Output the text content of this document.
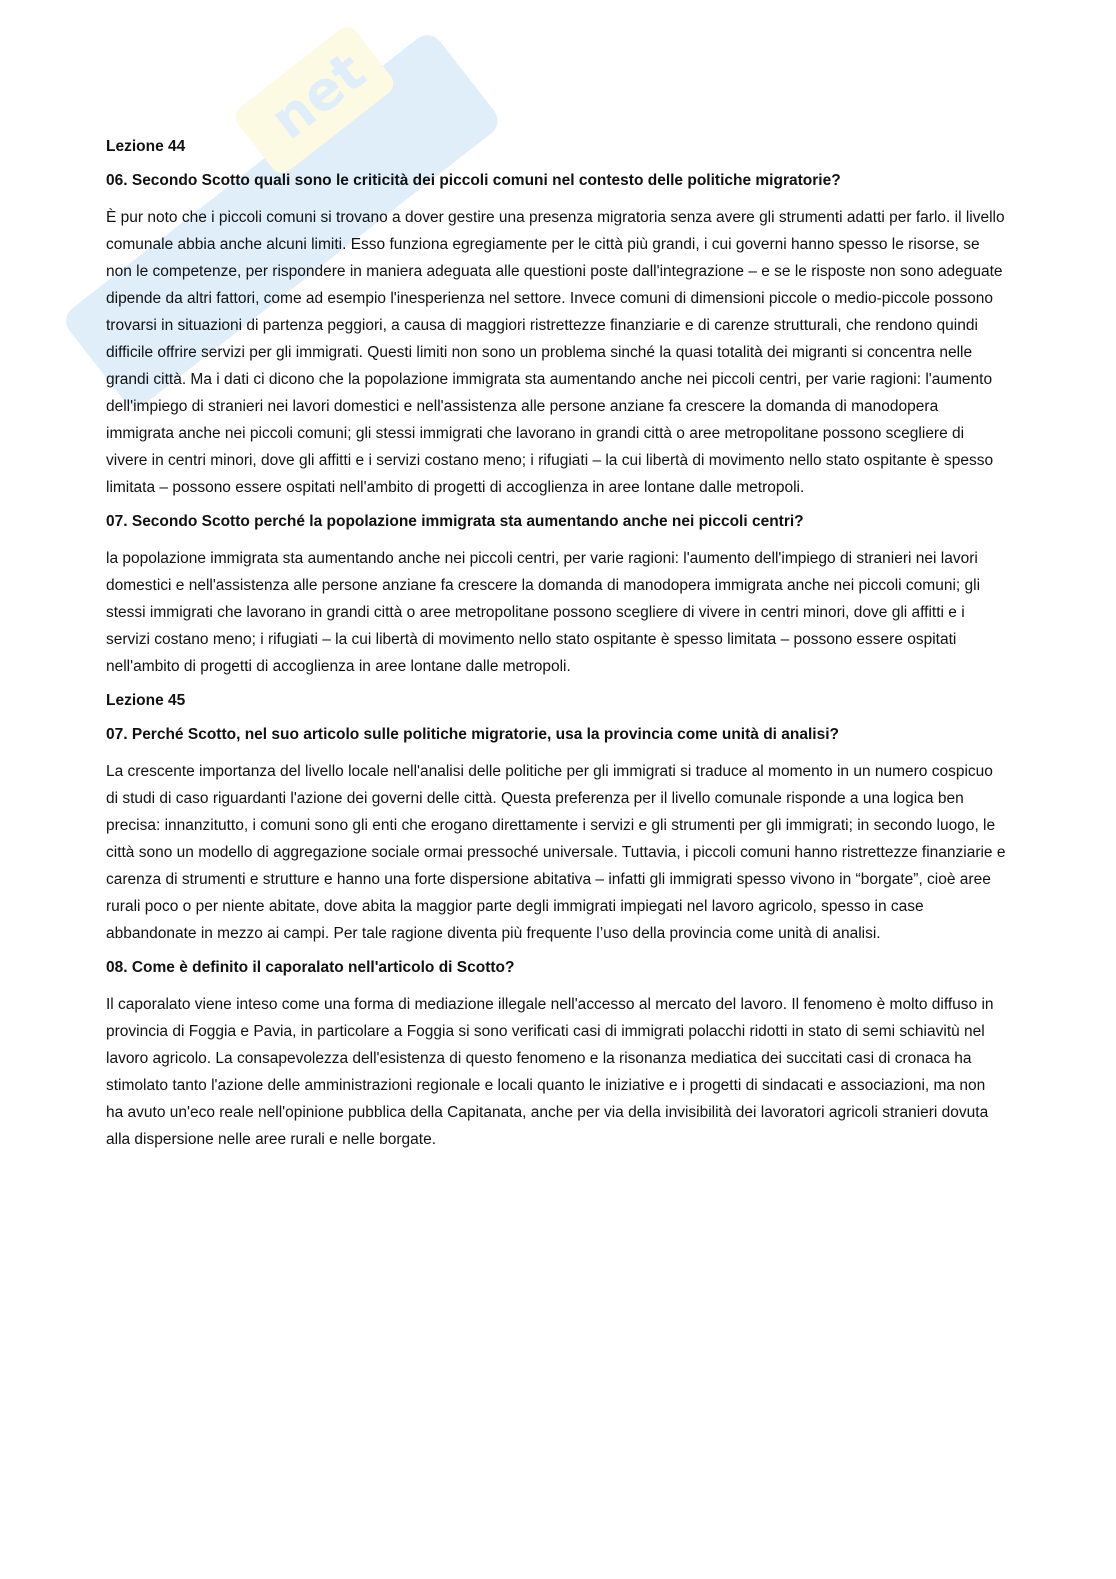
net
Lezione 44
06. Secondo Scotto quali sono le criticità dei piccoli comuni nel contesto delle politiche migratorie?
È pur noto che i piccoli comuni si trovano a dover gestire una presenza migratoria senza avere gli strumenti adatti per farlo. il livello comunale abbia anche alcuni limiti. Esso funziona egregiamente per le città più grandi, i cui governi hanno spesso le risorse, se non le competenze, per rispondere in maniera adeguata alle questioni poste dall'integrazione – e se le risposte non sono adeguate dipende da altri fattori, come ad esempio l'inesperienza nel settore. Invece comuni di dimensioni piccole o medio-piccole possono trovarsi in situazioni di partenza peggiori, a causa di maggiori ristrettezze finanziarie e di carenze strutturali, che rendono quindi difficile offrire servizi per gli immigrati. Questi limiti non sono un problema sinché la quasi totalità dei migranti si concentra nelle grandi città. Ma i dati ci dicono che la popolazione immigrata sta aumentando anche nei piccoli centri, per varie ragioni: l'aumento dell'impiego di stranieri nei lavori domestici e nell'assistenza alle persone anziane fa crescere la domanda di manodopera immigrata anche nei piccoli comuni; gli stessi immigrati che lavorano in grandi città o aree metropolitane possono scegliere di vivere in centri minori, dove gli affitti e i servizi costano meno; i rifugiati – la cui libertà di movimento nello stato ospitante è spesso limitata – possono essere ospitati nell'ambito di progetti di accoglienza in aree lontane dalle metropoli.
07. Secondo Scotto perché la popolazione immigrata sta aumentando anche nei piccoli centri?
la popolazione immigrata sta aumentando anche nei piccoli centri, per varie ragioni: l'aumento dell'impiego di stranieri nei lavori domestici e nell'assistenza alle persone anziane fa crescere la domanda di manodopera immigrata anche nei piccoli comuni; gli stessi immigrati che lavorano in grandi città o aree metropolitane possono scegliere di vivere in centri minori, dove gli affitti e i servizi costano meno; i rifugiati – la cui libertà di movimento nello stato ospitante è spesso limitata – possono essere ospitati nell'ambito di progetti di accoglienza in aree lontane dalle metropoli.
Lezione 45
07. Perché Scotto, nel suo articolo sulle politiche migratorie, usa la provincia come unità di analisi?
La crescente importanza del livello locale nell'analisi delle politiche per gli immigrati si traduce al momento in un numero cospicuo di studi di caso riguardanti l'azione dei governi delle città. Questa preferenza per il livello comunale risponde a una logica ben precisa: innanzitutto, i comuni sono gli enti che erogano direttamente i servizi e gli strumenti per gli immigrati; in secondo luogo, le città sono un modello di aggregazione sociale ormai pressoché universale. Tuttavia, i piccoli comuni hanno ristrettezze finanziarie e carenza di strumenti e strutture e hanno una forte dispersione abitativa – infatti gli immigrati spesso vivono in “borgate”, cioè aree rurali poco o per niente abitate, dove abita la maggior parte degli immigrati impiegati nel lavoro agricolo, spesso in case abbandonate in mezzo ai campi. Per tale ragione diventa più frequente l’uso della provincia come unità di analisi.
08. Come è definito il caporalato nell'articolo di Scotto?
Il caporalato viene inteso come una forma di mediazione illegale nell'accesso al mercato del lavoro. Il fenomeno è molto diffuso in provincia di Foggia e Pavia, in particolare a Foggia si sono verificati casi di immigrati polacchi ridotti in stato di semi schiavitù nel lavoro agricolo. La consapevolezza dell'esistenza di questo fenomeno e la risonanza mediatica dei succitati casi di cronaca ha stimolato tanto l'azione delle amministrazioni regionale e locali quanto le iniziative e i progetti di sindacati e associazioni, ma non ha avuto un'eco reale nell'opinione pubblica della Capitanata, anche per via della invisibilità dei lavoratori agricoli stranieri dovuta alla dispersione nelle aree rurali e nelle borgate.
